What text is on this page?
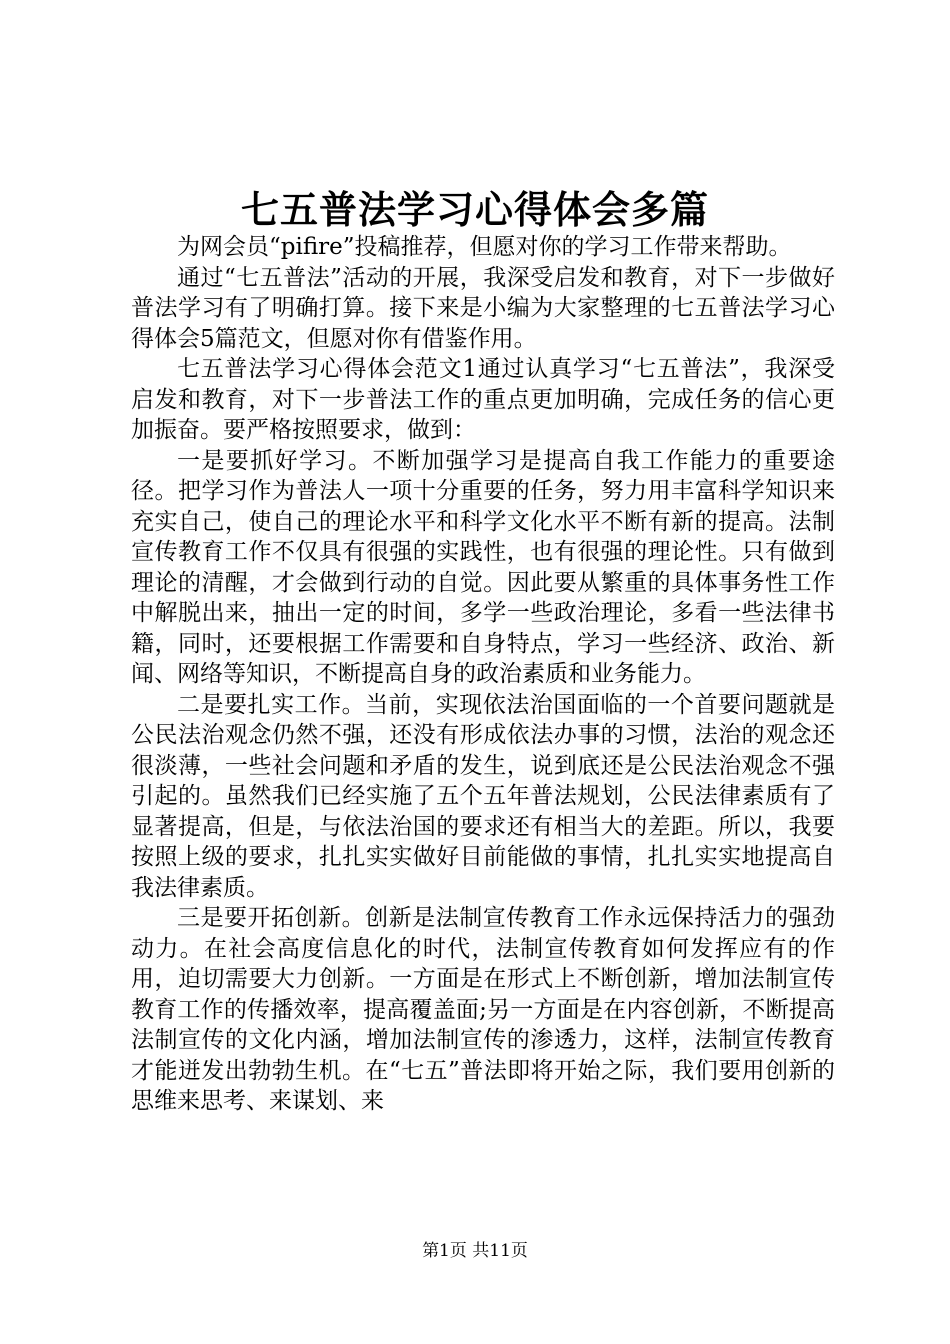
七五普法学习心得体会多篇

为网会员“pifire”投稿推荐，但愿对你的学习工作带来帮助。

通过“七五普法”活动的开展，我深受启发和教育，对下一步做好普法学习有了明确打算。接下来是小编为大家整理的七五普法学习心得体会5篇范文，但愿对你有借鉴作用。

七五普法学习心得体会范文1通过认真学习“七五普法”，我深受启发和教育，对下一步普法工作的重点更加明确，完成任务的信心更加振奋。要严格按照要求，做到：

一是要抓好学习。不断加强学习是提高自我工作能力的重要途径。把学习作为普法人一项十分重要的任务，努力用丰富科学知识来充实自己，使自己的理论水平和科学文化水平不断有新的提高。法制宣传教育工作不仅具有很强的实践性，也有很强的理论性。只有做到理论的清醒，才会做到行动的自觉。因此要从繁重的具体事务性工作中解脱出来，抽出一定的时间，多学一些政治理论，多看一些法律书籍，同时，还要根据工作需要和自身特点，学习一些经济、政治、新闻、网络等知识，不断提高自身的政治素质和业务能力。

二是要扎实工作。当前，实现依法治国面临的一个首要问题就是公民法治观念仍然不强，还没有形成依法办事的习惯，法治的观念还很淡薄，一些社会问题和矛盾的发生，说到底还是公民法治观念不强引起的。虽然我们已经实施了五个五年普法规划，公民法律素质有了显著提高，但是，与依法治国的要求还有相当大的差距。所以，我要按照上级的要求，扎扎实实做好目前能做的事情，扎扎实实地提高自我法律素质。

三是要开拓创新。创新是法制宣传教育工作永远保持活力的强劲动力。在社会高度信息化的时代，法制宣传教育如何发挥应有的作用，迫切需要大力创新。一方面是在形式上不断创新，增加法制宣传教育工作的传播效率，提高覆盖面;另一方面是在内容创新，不断提高法制宣传的文化内涵，增加法制宣传的渗透力，这样，法制宣传教育才能迸发出勃勃生机。在“七五”普法即将开始之际，我们要用创新的思维来思考、来谋划、来

第1页 共11页
